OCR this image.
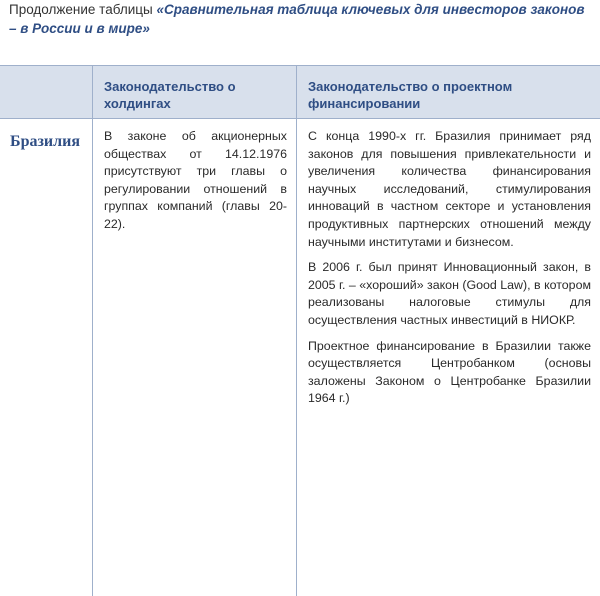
Продолжение таблицы «Сравнительная таблица ключевых для инвесторов законов – в России и в мире»
Законодательство о холдингах
Законодательство о проектном финансировании
Бразилия В законе об акционерных обществах от 14.12.1976 присутствуют три главы о регулировании отношений в группах компаний (главы 20-22).

С конца 1990-х гг. Бразилия принимает ряд законов для повышения привлекательности и увеличения количества финансирования научных исследований, стимулирования инноваций в частном секторе и установления продуктивных партнерских отношений между научными институтами и бизнесом.

В 2006 г. был принят Инновационный закон, в 2005 г. – «хороший» закон (Good Law), в котором реализованы налоговые стимулы для осуществления частных инвестиций в НИОКР.

Проектное финансирование в Бразилии также осуществляется Центробанком (основы заложены Законом о Центробанке Бразилии 1964 г.)
